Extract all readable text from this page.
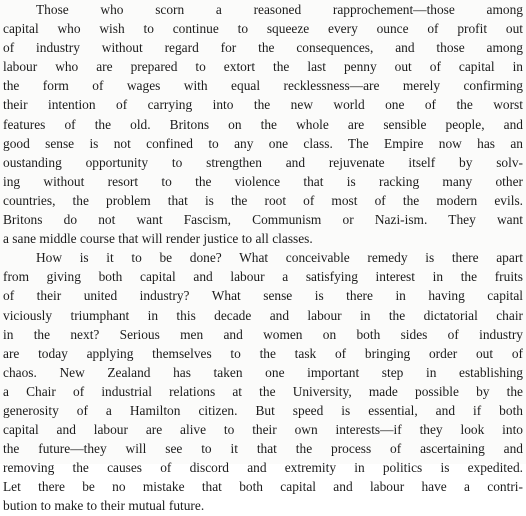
Those who scorn a reasoned rapprochement—those among
capital who wish to continue to squeeze every ounce of profit out
of industry without regard for the consequences, and those among
labour who are prepared to extort the last penny out of capital in
the form of wages with equal recklessness—are merely confirming
their intention of carrying into the new world one of the worst
features of the old. Britons on the whole are sensible people, and
good sense is not confined to any one class. The Empire now has an
oustanding opportunity to strengthen and rejuvenate itself by solv-
ing without resort to the violence that is racking many other
countries, the problem that is the root of most of the modern evils.
Britons do not want Fascism, Communism or Nazi-ism. They want
a sane middle course that will render justice to all classes.
How is it to be done? What conceivable remedy is there apart
from giving both capital and labour a satisfying interest in the fruits
of their united industry? What sense is there in having capital
viciously triumphant in this decade and labour in the dictatorial chair
in the next? Serious men and women on both sides of industry
are today applying themselves to the task of bringing order out of
chaos. New Zealand has taken one important step in establishing
a Chair of industrial relations at the University, made possible by the
generosity of a Hamilton citizen. But speed is essential, and if both
capital and labour are alive to their own interests—if they look into
the future—they will see to it that the process of ascertaining and
removing the causes of discord and extremity in politics is expedited.
Let there be no mistake that both capital and labour have a contri-
bution to make to their mutual future.
